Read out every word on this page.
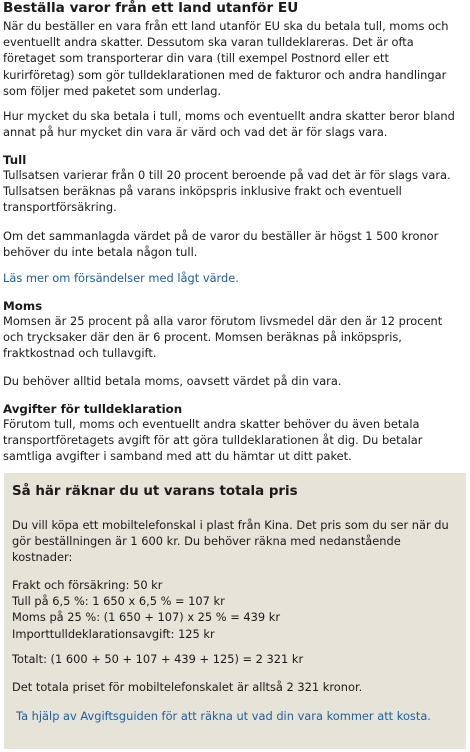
Beställa varor från ett land utanför EU

När du beställer en vara från ett land utanför EU ska du betala tull, moms och eventuellt andra skatter. Dessutom ska varan tulldeklareras. Det är ofta företaget som transporterar din vara (till exempel Postnord eller ett kurirföretag) som gör tulldeklarationen med de fakturor och andra handlingar som följer med paketet som underlag.

Hur mycket du ska betala i tull, moms och eventuellt andra skatter beror bland annat på hur mycket din vara är värd och vad det är för slags vara.

Tull

Tullsatsen varierar från 0 till 20 procent beroende på vad det är för slags vara. Tullsatsen beräknas på varans inköpspris inklusive frakt och eventuell transportförsäkring.

Om det sammanlagda värdet på de varor du beställer är högst 1 500 kronor behöver du inte betala någon tull.

Läs mer om försändelser med lågt värde.

Moms

Momsen är 25 procent på alla varor förutom livsmedel där den är 12 procent och trycksaker där den är 6 procent. Momsen beräknas på inköpspris, fraktkostnad och tullavgift.

Du behöver alltid betala moms, oavsett värdet på din vara.

Avgifter för tulldeklaration

Förutom tull, moms och eventuellt andra skatter behöver du även betala transportföretagets avgift för att göra tulldeklarationen åt dig. Du betalar samtliga avgifter i samband med att du hämtar ut ditt paket.

Så här räknar du ut varans totala pris

Du vill köpa ett mobiltelefonskal i plast från Kina. Det pris som du ser när du gör beställningen är 1 600 kr. Du behöver räkna med nedanstående kostnader:

Frakt och försäkring: 50 kr
Tull på 6,5 %: 1 650 x 6,5 % = 107 kr
Moms på 25 %: (1 650 + 107) x 25 % = 439 kr
Importtulldeklarationsavgift: 125 kr

Totalt: (1 600 + 50 + 107 + 439 + 125) = 2 321 kr

Det totala priset för mobiltelefonskalet är alltså 2 321 kronor.

Ta hjälp av Avgiftsguiden för att räkna ut vad din vara kommer att kosta.
